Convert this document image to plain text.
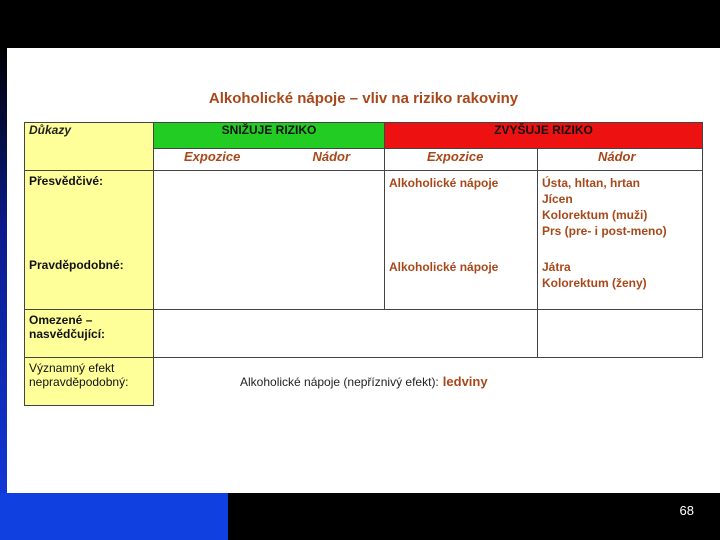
Alkoholické nápoje – vliv na riziko rakoviny
Důkazy	SNIŽUJE RIZIKO		ZVYŠUJE RIZIKO	
	Expozice	Nádor	Expozice	Nádor
Přesvědčivé:			Alkoholické nápoje	Ústa, hltan, hrtan
Jícen
Kolorektum (muži)
Prs (pre- i post-meno)

Pravděpodobné:			Alkoholické nápoje	Játra
Kolorektum (ženy)

Omezené –
nasvědčující:				

Významný efekt
nepravděpodobný:	Alkoholické nápoje (nepříznivý efekt): ledviny			
68
